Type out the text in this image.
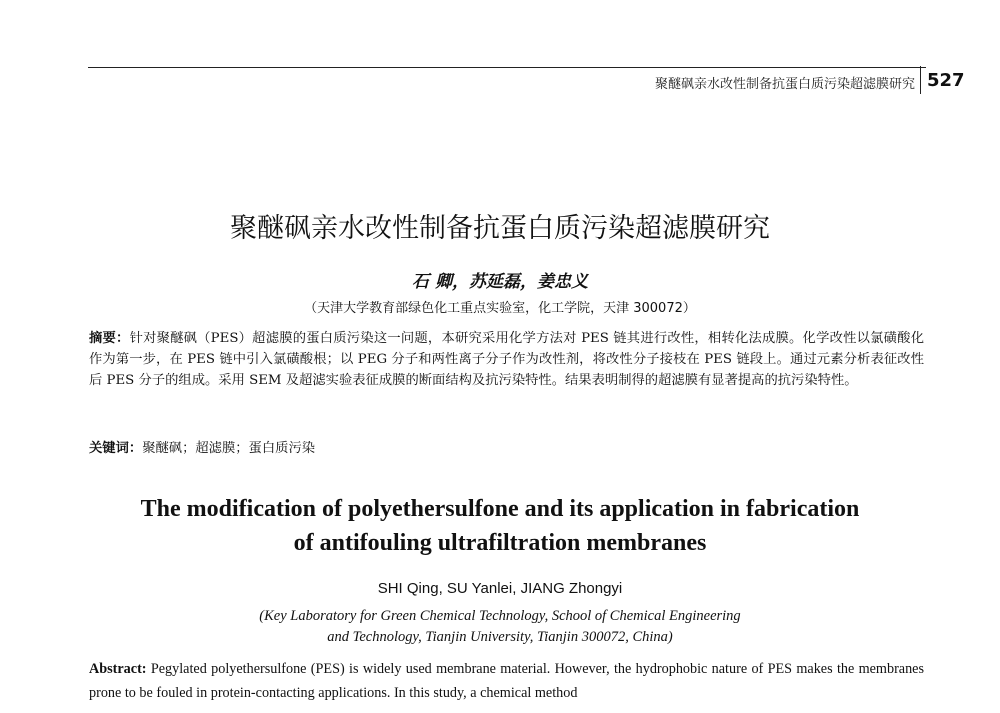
聚醚砜亲水改性制备抗蛋白质污染超滤膜研究 527
聚醚砜亲水改性制备抗蛋白质污染超滤膜研究
石 卿，苏延磊，姜忠义
（天津大学教育部绿色化工重点实验室，化工学院，天津 300072）
摘要：针对聚醚砜（PES）超滤膜的蛋白质污染这一问题，本研究采用化学方法对 PES 链其进行改性，相转化法成膜。化学改性以氯磺酸化作为第一步，在 PES 链中引入氯磺酸根；以 PEG 分子和两性离子分子作为改性剂，将改性分子接枝在 PES 链段上。通过元素分析表征改性后 PES 分子的组成。采用 SEM 及超滤实验表征成膜的断面结构及抗污染特性。结果表明制得的超滤膜有显著提高的抗污染特性。
关键词：聚醚砜；超滤膜；蛋白质污染
The modification of polyethersulfone and its application in fabrication
of antifouling ultrafiltration membranes
SHI Qing, SU Yanlei, JIANG Zhongyi
(Key Laboratory for Green Chemical Technology, School of Chemical Engineering
and Technology, Tianjin University, Tianjin 300072, China)
Abstract: Pegylated polyethersulfone (PES) is widely used membrane material. However, the hydrophobic nature of PES makes the membranes prone to be fouled in protein-contacting applications. In this study, a chemical method
